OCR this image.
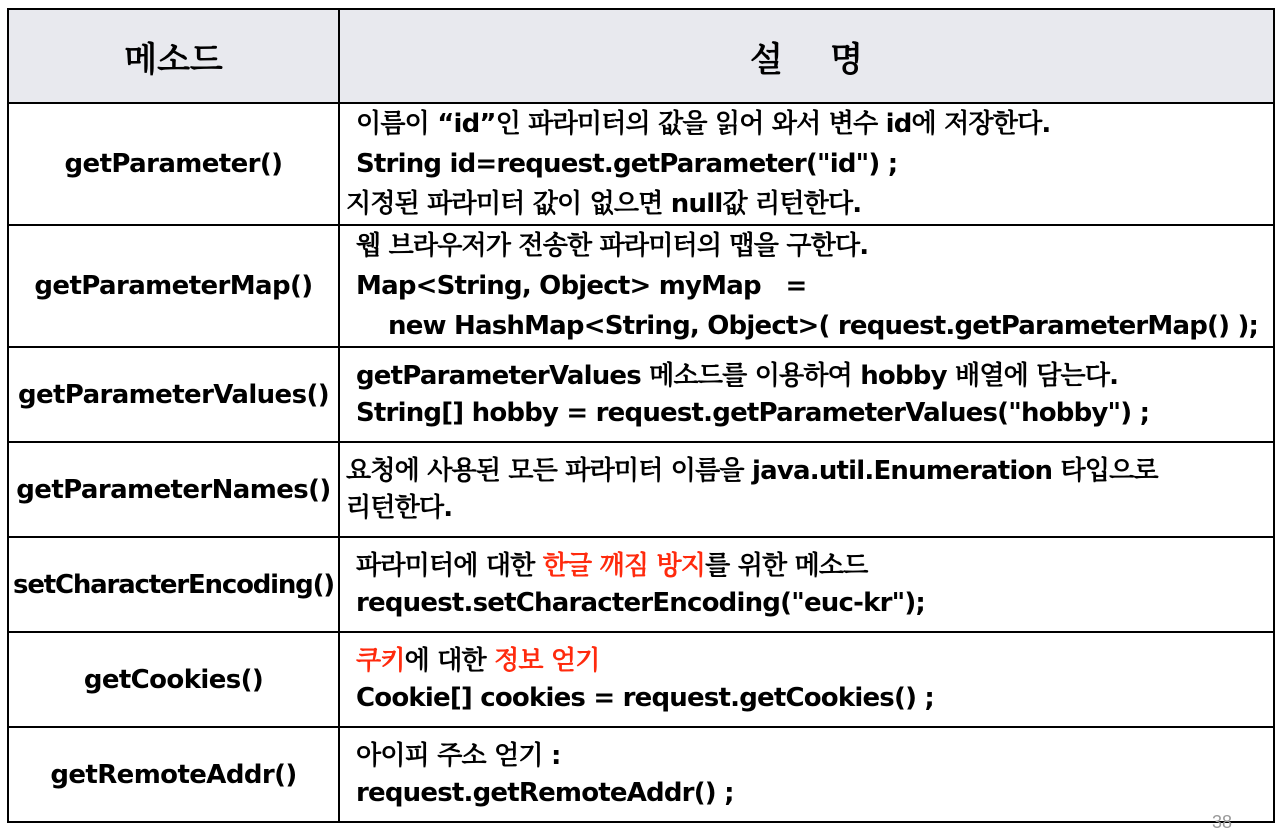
메소드	설    명
getParameter()	이름이 “id”인 파라미터의 값을 읽어 와서 변수 id에 저장한다.
String id=request.getParameter("id") ;
지정된 파라미터 값이 없으면 null값 리턴한다.

getParameterMap()	웹 브라우저가 전송한 파라미터의 맵을 구한다.
Map<String, Object> myMap   =
new HashMap<String, Object>( request.getParameterMap() );

getParameterValues()	getParameterValues 메소드를 이용하여 hobby 배열에 담는다.
String[] hobby = request.getParameterValues("hobby") ;

getParameterNames()	요청에 사용된 모든 파라미터 이름을 java.util.Enumeration 타입으로
리턴한다.

setCharacterEncoding()	파라미터에 대한 한글 깨짐 방지를 위한 메소드
request.setCharacterEncoding("euc-kr");

getCookies()	쿠키에 대한 정보 얻기
Cookie[] cookies = request.getCookies() ;

getRemoteAddr()	아이피 주소 얻기 :
request.getRemoteAddr() ;
38
